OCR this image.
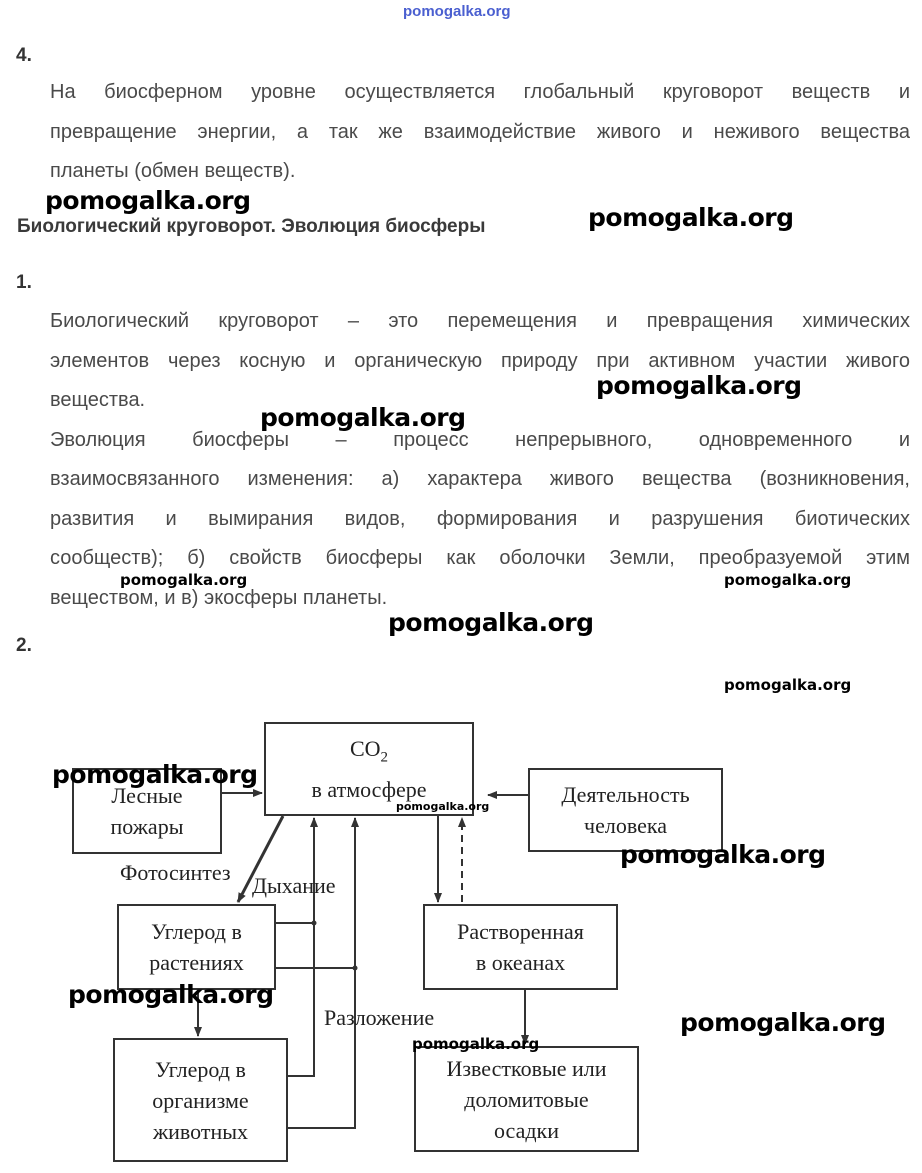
pomogalka.org
4.
На биосферном уровне осуществляется глобальный круговорот веществ и
превращение энергии, а так же взаимодействие живого и неживого вещества
планеты (обмен веществ).
Биологический круговорот. Эволюция биосферы
1.
Биологический круговорот – это перемещения и превращения химических
элементов через косную и органическую природу при активном участии живого
вещества.
Эволюция биосферы – процесс непрерывного, одновременного и
взаимосвязанного изменения: а) характера живого вещества (возникновения,
развития и вымирания видов, формирования и разрушения биотических
сообществ); б) свойств биосферы как оболочки Земли, преобразуемой этим
веществом, и в) экосферы планеты.
2.
$CO_2$
в атмосфере
Лесные
пожары
Деятельность
человека
Углерод в
растениях
Растворенная
в океанах
Углерод в
организме
животных
Известковые или
доломитовые
осадки
Фотосинтез
Дыхание
Разложение
pomogalka.org
pomogalka.org
pomogalka.org
pomogalka.org
pomogalka.org	pomogalka.org
pomogalka.org
pomogalka.org
pomogalka.org
pomogalka.org
pomogalka.org
pomogalka.org
pomogalka.org
pomogalka.org
